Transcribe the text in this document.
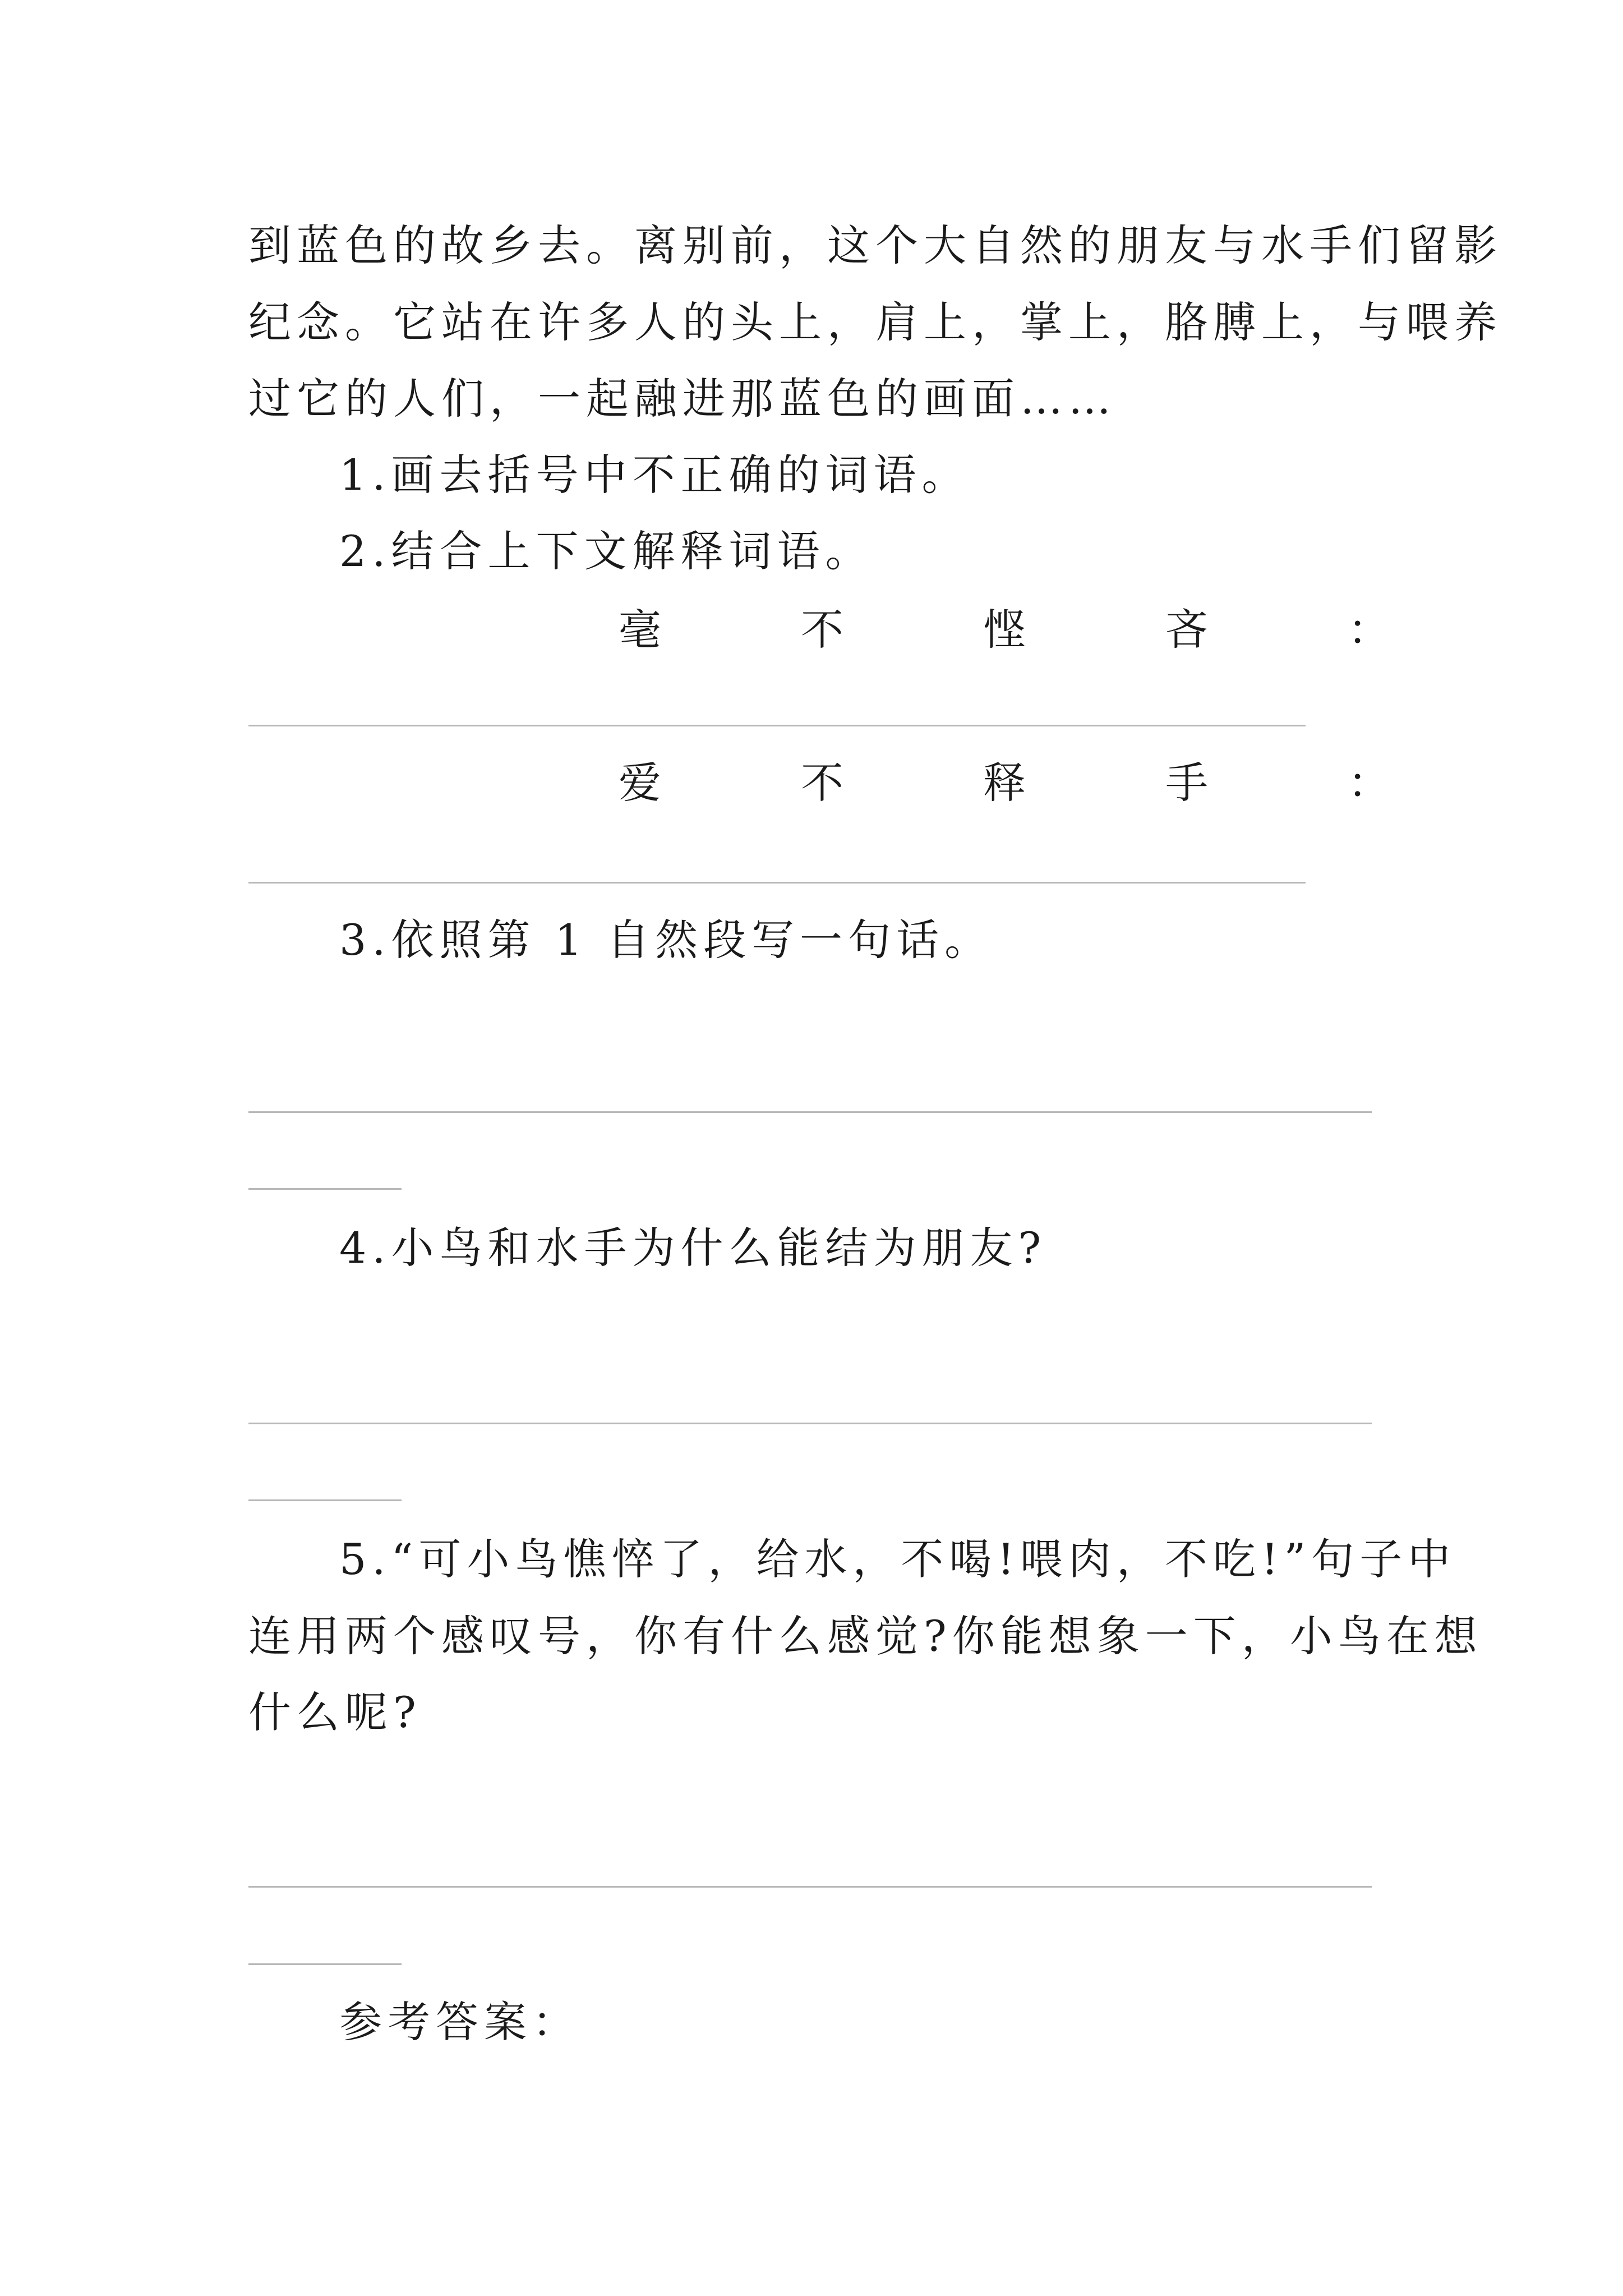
到蓝色的故乡去。离别前，这个大自然的朋友与水手们留影
纪念。它站在许多人的头上，肩上，掌上，胳膊上，与喂养
过它的人们，一起融进那蓝色的画面……
1.画去括号中不正确的词语。
2.结合上下文解释词语。
毫	不	悭	吝	：
爱	不	释	手	：
3.依照第 1 自然段写一句话。
4.小鸟和水手为什么能结为朋友?
5.“可小鸟憔悴了，给水，不喝!喂肉，不吃!”句子中
连用两个感叹号，你有什么感觉?你能想象一下，小鸟在想
什么呢?
参考答案：
